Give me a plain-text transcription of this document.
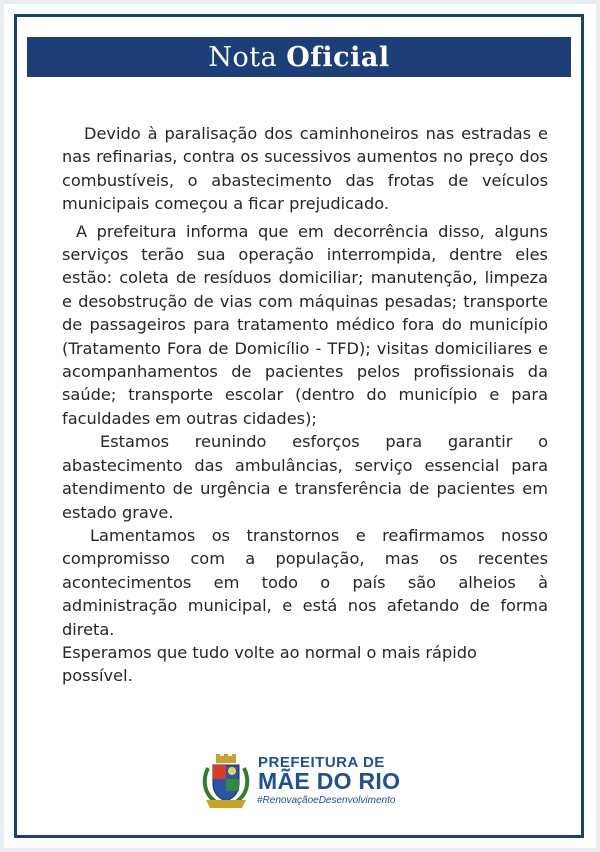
Nota Oficial

Devido à paralisação dos caminhoneiros nas estradas e nas refinarias, contra os sucessivos aumentos no preço dos combustíveis, o abastecimento das frotas de veículos municipais começou a ficar prejudicado.

A prefeitura informa que em decorrência disso, alguns serviços terão sua operação interrompida, dentre eles estão: coleta de resíduos domiciliar; manutenção, limpeza e desobstrução de vias com máquinas pesadas; transporte de passageiros para tratamento médico fora do município (Tratamento Fora de Domicílio - TFD); visitas domiciliares e acompanhamentos de pacientes pelos profissionais da saúde; transporte escolar (dentro do município e para faculdades em outras cidades);

Estamos reunindo esforços para garantir o abastecimento das ambulâncias, serviço essencial para atendimento de urgência e transferência de pacientes em estado grave.

Lamentamos os transtornos e reafirmamos nosso compromisso com a população, mas os recentes acontecimentos em todo o país são alheios à administração municipal, e está nos afetando de forma direta.

Esperamos que tudo volte ao normal o mais rápido possível.

PREFEITURA DE
MÃE DO RIO
#RenovaçãoeDesenvolvimento
